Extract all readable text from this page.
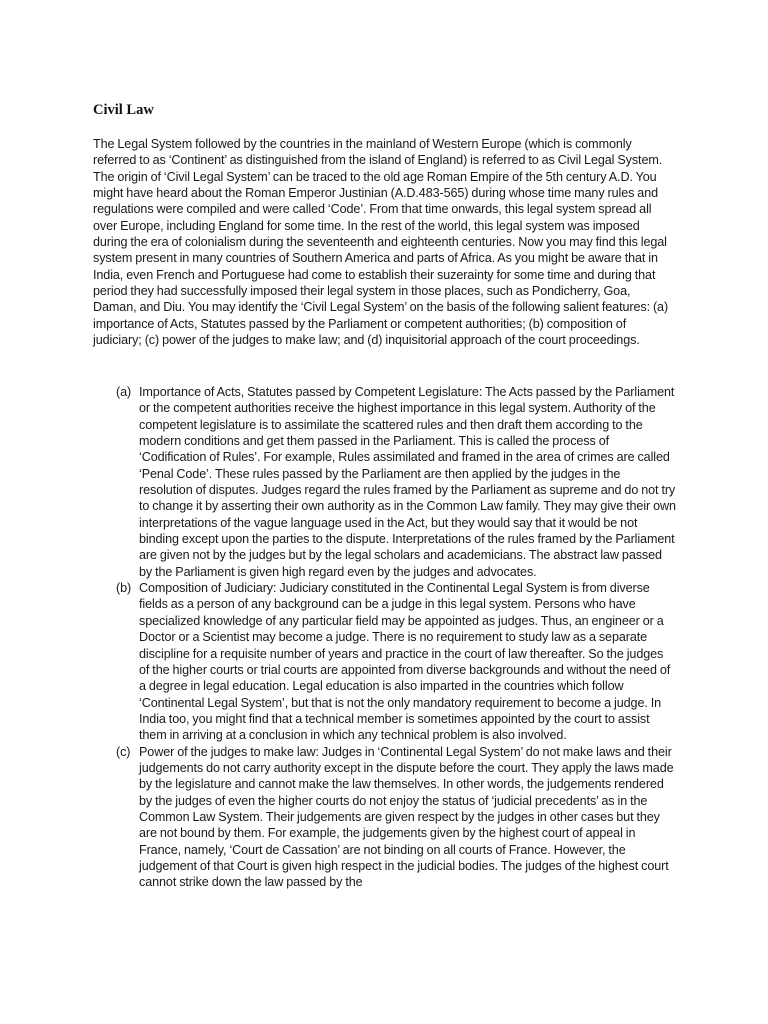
Civil Law

The Legal System followed by the countries in the mainland of Western Europe (which is commonly referred to as ‘Continent’ as distinguished from the island of England) is referred to as Civil Legal System. The origin of ‘Civil Legal System’ can be traced to the old age Roman Empire of the 5th century A.D. You might have heard about the Roman Emperor Justinian (A.D.483-565) during whose time many rules and regulations were compiled and were called ‘Code’. From that time onwards, this legal system spread all over Europe, including England for some time. In the rest of the world, this legal system was imposed during the era of colonialism during the seventeenth and eighteenth centuries. Now you may find this legal system present in many countries of Southern America and parts of Africa. As you might be aware that in India, even French and Portuguese had come to establish their suzerainty for some time and during that period they had successfully imposed their legal system in those places, such as Pondicherry, Goa, Daman, and Diu. You may identify the ‘Civil Legal System’ on the basis of the following salient features: (a) importance of Acts, Statutes passed by the Parliament or competent authorities; (b) composition of judiciary; (c) power of the judges to make law; and (d) inquisitorial approach of the court proceedings.

(a) Importance of Acts, Statutes passed by Competent Legislature: The Acts passed by the Parliament or the competent authorities receive the highest importance in this legal system. Authority of the competent legislature is to assimilate the scattered rules and then draft them according to the modern conditions and get them passed in the Parliament. This is called the process of ‘Codification of Rules’. For example, Rules assimilated and framed in the area of crimes are called ‘Penal Code’. These rules passed by the Parliament are then applied by the judges in the resolution of disputes. Judges regard the rules framed by the Parliament as supreme and do not try to change it by asserting their own authority as in the Common Law family. They may give their own interpretations of the vague language used in the Act, but they would say that it would be not binding except upon the parties to the dispute. Interpretations of the rules framed by the Parliament are given not by the judges but by the legal scholars and academicians. The abstract law passed by the Parliament is given high regard even by the judges and advocates.
(b) Composition of Judiciary: Judiciary constituted in the Continental Legal System is from diverse fields as a person of any background can be a judge in this legal system. Persons who have specialized knowledge of any particular field may be appointed as judges. Thus, an engineer or a Doctor or a Scientist may become a judge. There is no requirement to study law as a separate discipline for a requisite number of years and practice in the court of law thereafter. So the judges of the higher courts or trial courts are appointed from diverse backgrounds and without the need of a degree in legal education. Legal education is also imparted in the countries which follow ‘Continental Legal System’, but that is not the only mandatory requirement to become a judge. In India too, you might find that a technical member is sometimes appointed by the court to assist them in arriving at a conclusion in which any technical problem is also involved.
(c) Power of the judges to make law: Judges in ‘Continental Legal System’ do not make laws and their judgements do not carry authority except in the dispute before the court. They apply the laws made by the legislature and cannot make the law themselves. In other words, the judgements rendered by the judges of even the higher courts do not enjoy the status of ‘judicial precedents’ as in the Common Law System. Their judgements are given respect by the judges in other cases but they are not bound by them. For example, the judgements given by the highest court of appeal in France, namely, ‘Court de Cassation’ are not binding on all courts of France. However, the judgement of that Court is given high respect in the judicial bodies. The judges of the highest court cannot strike down the law passed by the
